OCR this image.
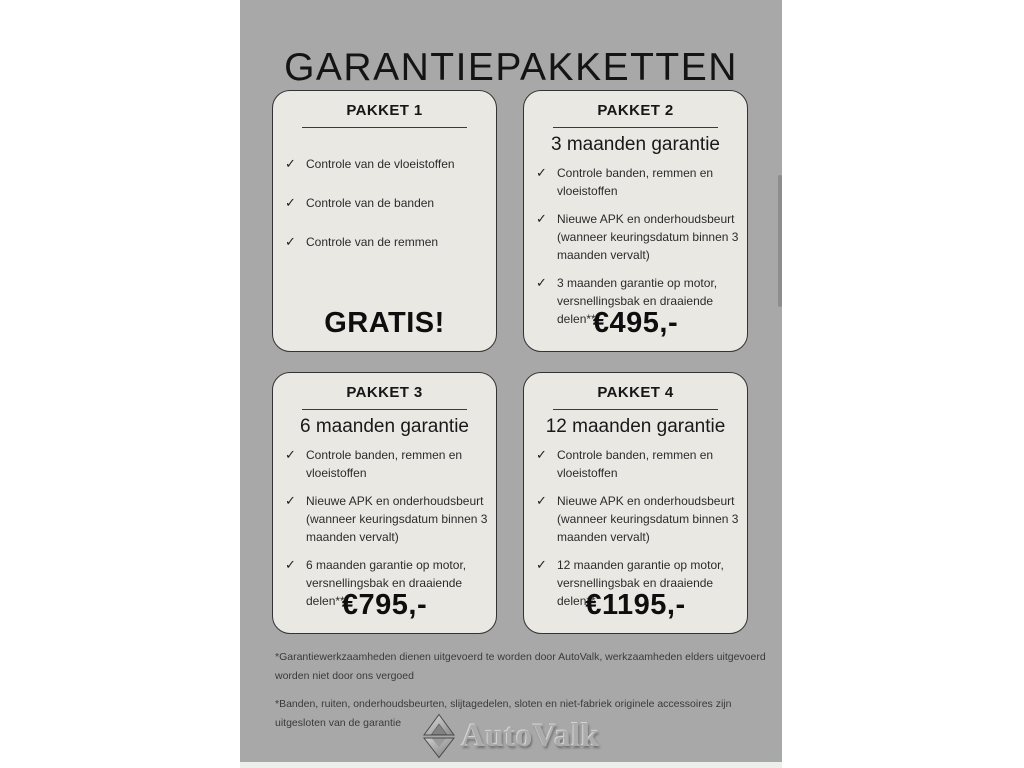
GARANTIEPAKKETTEN
PAKKET 1
✓ Controle van de vloeistoffen
✓ Controle van de banden
✓ Controle van de remmen
GRATIS!
PAKKET 2
3 maanden garantie
✓ Controle banden, remmen en vloeistoffen
✓ Nieuwe APK en onderhoudsbeurt (wanneer keuringsdatum binnen 3 maanden vervalt)
✓ 3 maanden garantie op motor, versnellingsbak en draaiende delen**
€495,-
PAKKET 3
6 maanden garantie
✓ Controle banden, remmen en vloeistoffen
✓ Nieuwe APK en onderhoudsbeurt (wanneer keuringsdatum binnen 3 maanden vervalt)
✓ 6 maanden garantie op motor, versnellingsbak en draaiende delen**
€795,-
PAKKET 4
12 maanden garantie
✓ Controle banden, remmen en vloeistoffen
✓ Nieuwe APK en onderhoudsbeurt (wanneer keuringsdatum binnen 3 maanden vervalt)
✓ 12 maanden garantie op motor, versnellingsbak en draaiende delen**
€1195,-
*Garantiewerkzaamheden dienen uitgevoerd te worden door AutoValk, werkzaamheden elders uitgevoerd
worden niet door ons vergoed
*Banden, ruiten, onderhoudsbeurten, slijtagedelen, sloten en niet-fabriek originele accessoires zijn
uitgesloten van de garantie	AutoValk
